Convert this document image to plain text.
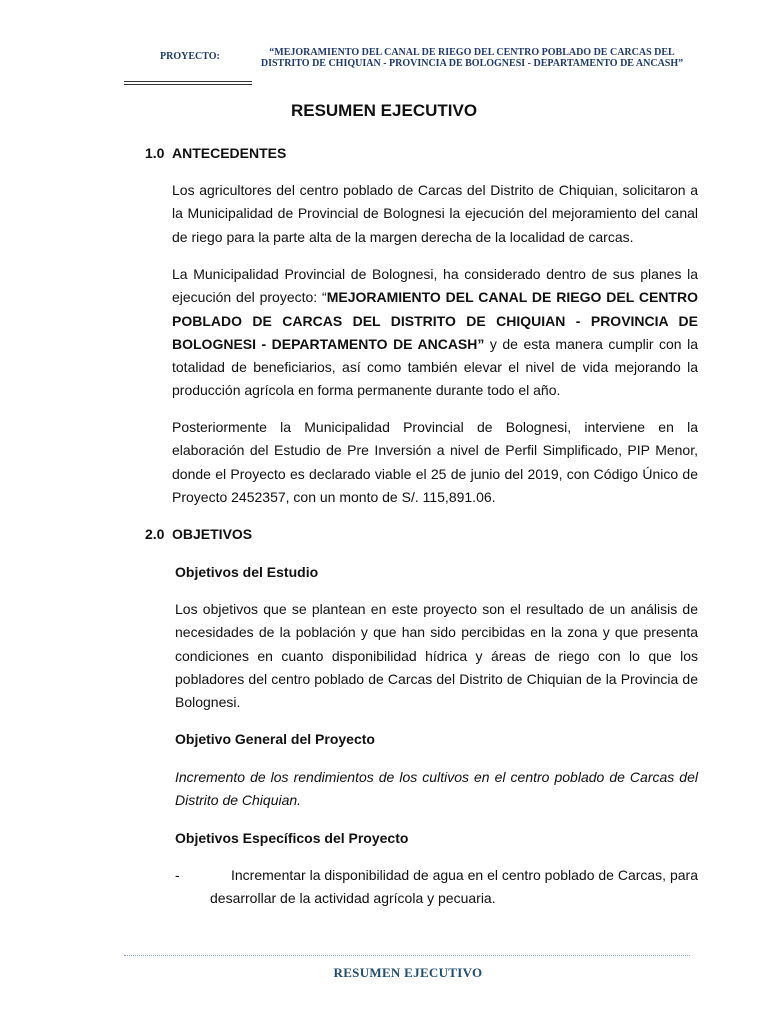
PROYECTO:	“MEJORAMIENTO DEL CANAL DE RIEGO DEL CENTRO POBLADO DE CARCAS DEL DISTRITO DE CHIQUIAN - PROVINCIA DE BOLOGNESI - DEPARTAMENTO DE ANCASH”
RESUMEN EJECUTIVO
1.0 ANTECEDENTES
Los agricultores del centro poblado de Carcas del Distrito de Chiquian, solicitaron a la Municipalidad de Provincial de Bolognesi la ejecución del mejoramiento del canal de riego para la parte alta de la margen derecha de la localidad de carcas.
La Municipalidad Provincial de Bolognesi, ha considerado dentro de sus planes la ejecución del proyecto: “MEJORAMIENTO DEL CANAL DE RIEGO DEL CENTRO POBLADO DE CARCAS DEL DISTRITO DE CHIQUIAN - PROVINCIA DE BOLOGNESI - DEPARTAMENTO DE ANCASH” y de esta manera cumplir con la totalidad de beneficiarios, así como también elevar el nivel de vida mejorando la producción agrícola en forma permanente durante todo el año.
Posteriormente la Municipalidad Provincial de Bolognesi, interviene en la elaboración del Estudio de Pre Inversión a nivel de Perfil Simplificado, PIP Menor, donde el Proyecto es declarado viable el 25 de junio del 2019, con Código Único de Proyecto 2452357, con un monto de S/. 115,891.06.
2.0 OBJETIVOS
Objetivos del Estudio
Los objetivos que se plantean en este proyecto son el resultado de un análisis de necesidades de la población y que han sido percibidas en la zona y que presenta condiciones en cuanto disponibilidad hídrica y áreas de riego con lo que los pobladores del centro poblado de Carcas del Distrito de Chiquian de la Provincia de Bolognesi.
Objetivo General del Proyecto
Incremento de los rendimientos de los cultivos en el centro poblado de Carcas del Distrito de Chiquian.
Objetivos Específicos del Proyecto
-	Incrementar la disponibilidad de agua en el centro poblado de Carcas, para desarrollar de la actividad agrícola y pecuaria.
RESUMEN EJECUTIVO
